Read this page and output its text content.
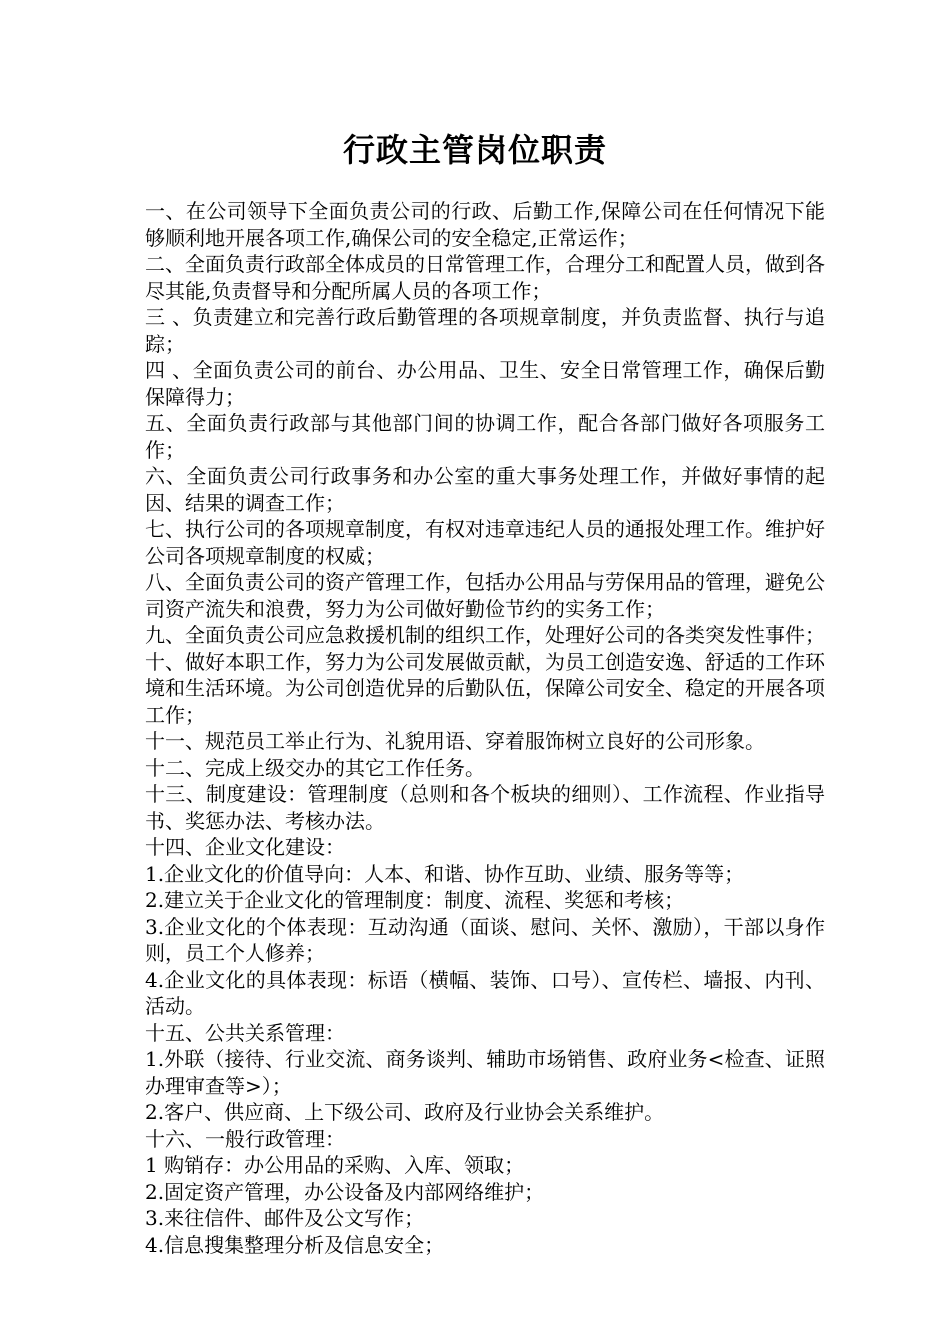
行政主管岗位职责

一、在公司领导下全面负责公司的行政、后勤工作,保障公司在任何情况下能够顺利地开展各项工作,确保公司的安全稳定,正常运作；

二、全面负责行政部全体成员的日常管理工作，合理分工和配置人员，做到各尽其能,负责督导和分配所属人员的各项工作；

三 、负责建立和完善行政后勤管理的各项规章制度，并负责监督、执行与追踪；

四 、全面负责公司的前台、办公用品、卫生、安全日常管理工作，确保后勤保障得力；

五、全面负责行政部与其他部门间的协调工作，配合各部门做好各项服务工作；

六、全面负责公司行政事务和办公室的重大事务处理工作，并做好事情的起因、结果的调查工作；

七、执行公司的各项规章制度，有权对违章违纪人员的通报处理工作。维护好公司各项规章制度的权威；

八、全面负责公司的资产管理工作，包括办公用品与劳保用品的管理，避免公司资产流失和浪费，努力为公司做好勤俭节约的实务工作；

九、全面负责公司应急救援机制的组织工作，处理好公司的各类突发性事件；

十、做好本职工作，努力为公司发展做贡献，为员工创造安逸、舒适的工作环境和生活环境。为公司创造优异的后勤队伍，保障公司安全、稳定的开展各项工作；

十一、规范员工举止行为、礼貌用语、穿着服饰树立良好的公司形象。

十二、完成上级交办的其它工作任务。

十三、制度建设：管理制度（总则和各个板块的细则）、工作流程、作业指导书、奖惩办法、考核办法。

十四、企业文化建设：

1.企业文化的价值导向：人本、和谐、协作互助、业绩、服务等等；

2.建立关于企业文化的管理制度：制度、流程、奖惩和考核；

3.企业文化的个体表现：互动沟通（面谈、慰问、关怀、激励），干部以身作则，员工个人修养；

4.企业文化的具体表现：标语（横幅、装饰、口号）、宣传栏、墙报、内刊、活动。

十五、公共关系管理：

1.外联（接待、行业交流、商务谈判、辅助市场销售、政府业务<检查、证照办理审查等>）；

2.客户、供应商、上下级公司、政府及行业协会关系维护。

十六、一般行政管理：

1 购销存：办公用品的采购、入库、领取；

2.固定资产管理，办公设备及内部网络维护；

3.来往信件、邮件及公文写作；

4.信息搜集整理分析及信息安全；
